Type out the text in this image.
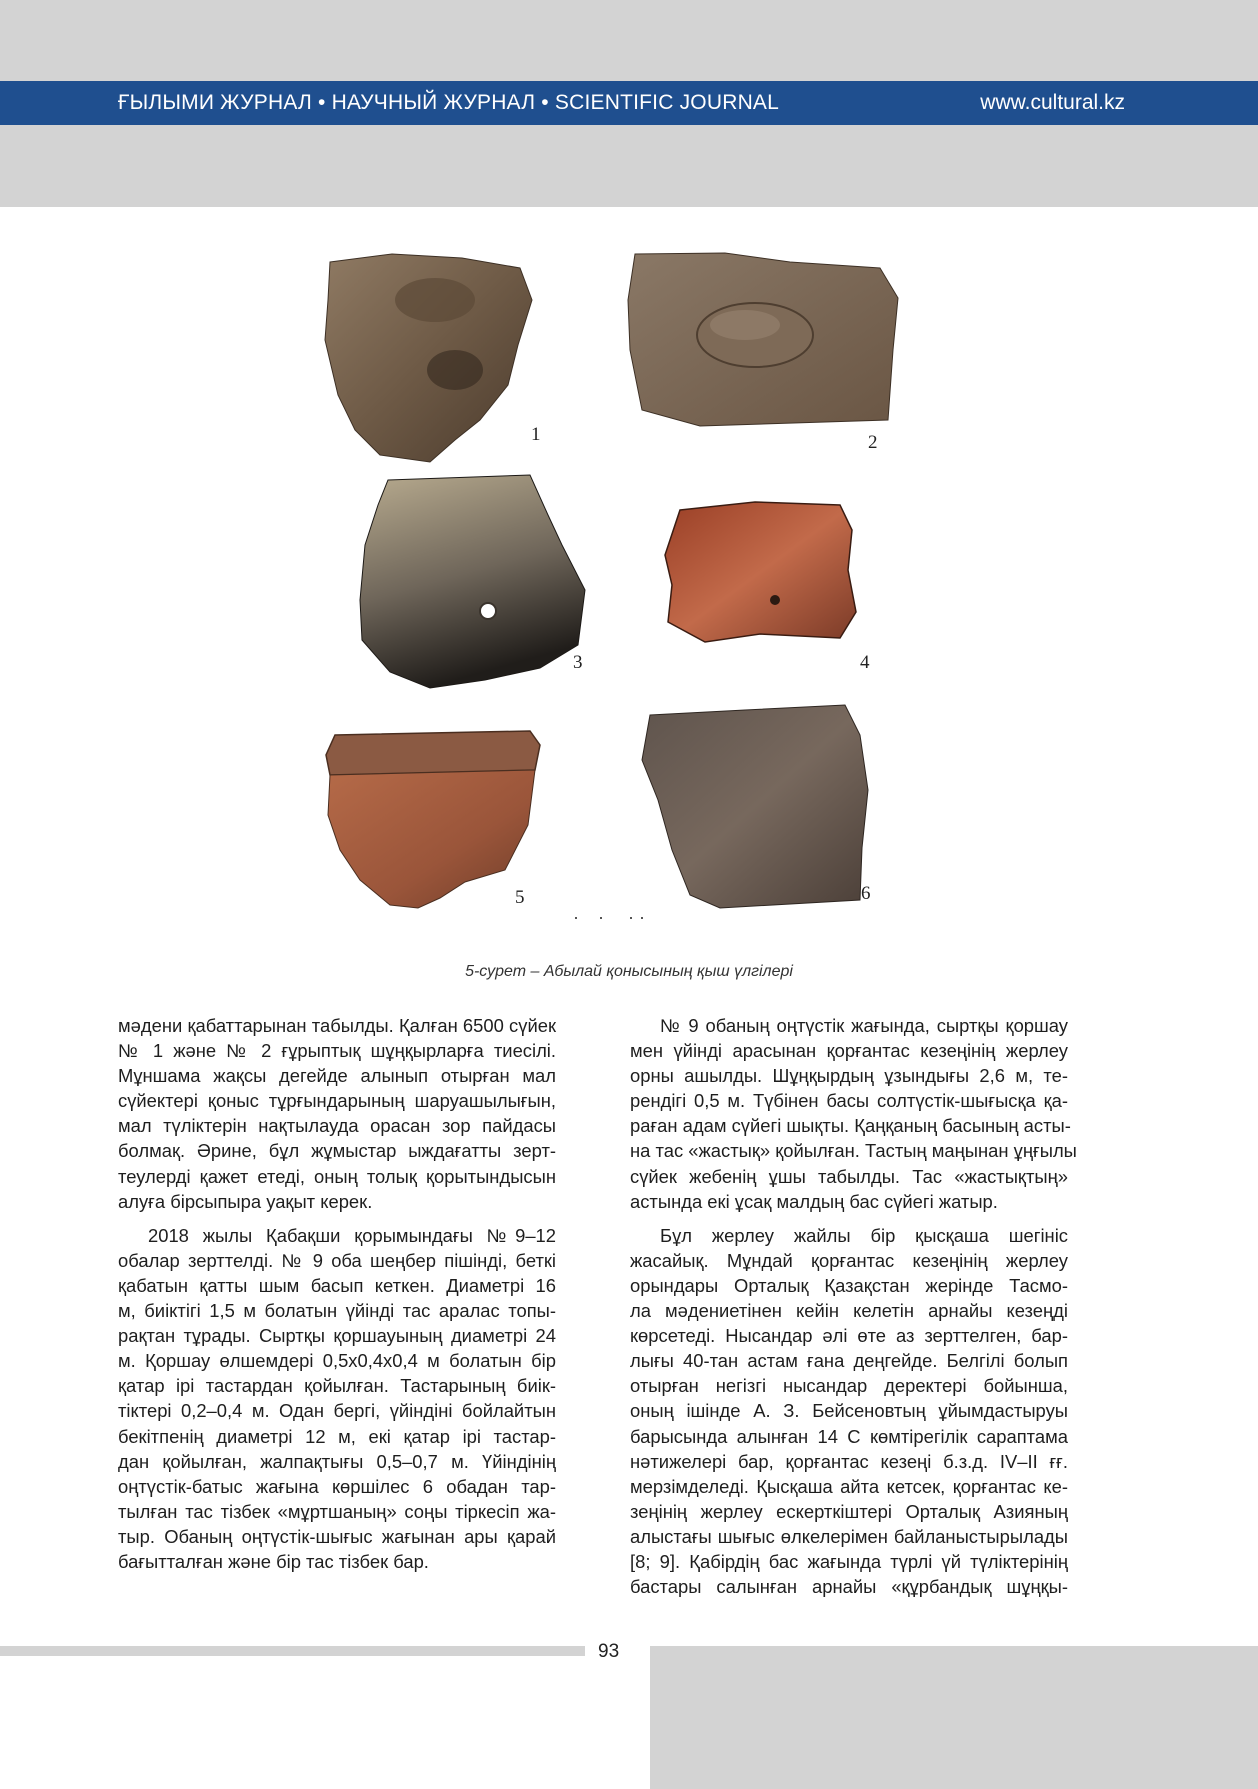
ҒЫЛЫМИ ЖУРНАЛ • НАУЧНЫЙ ЖУРНАЛ • SCIENTIFIC JOURNAL	www.cultural.kz
1	2
3	4
5	6
5-сурет – Абылай қонысының қыш үлгілері
мәдени қабаттарынан табылды. Қалған 6500 сүйек
№ 1 және № 2 ғұрыптық шұңқырларға тиесілі.
Мұншама жақсы дегейде алынып отырған мал
сүйектері қоныс тұрғындарының шаруашылығын,
мал түліктерін нақтылауда орасан зор пайдасы
болмақ. Әрине, бұл жұмыстар ыждағатты зерт-
теулерді қажет етеді, оның толық қорытындысын
алуға бірсыпыра уақыт керек.
2018 жылы Қабақши қорымындағы №9–12
обалар зерттелді. № 9 оба шеңбер пішінді, беткі
қабатын қатты шым басып кеткен. Диаметрі 16
м, биіктігі 1,5 м болатын үйінді тас аралас топы-
рақтан тұрады. Сыртқы қоршауының диаметрі 24
м. Қоршау өлшемдері 0,5х0,4х0,4 м болатын бір
қатар ірі тастардан қойылған. Тастарының биік-
тіктері 0,2–0,4 м. Одан бергі, үйіндіні бойлайтын
бекітпенің диаметрі 12 м, екі қатар ірі тастар-
дан қойылған, жалпақтығы 0,5–0,7 м. Үйіндінің
оңтүстік-батыс жағына көршілес 6 обадан тар-
тылған тас тізбек «мұртшаның» соңы тіркесіп жа-
тыр. Обаның оңтүстік-шығыс жағынан ары қарай
бағытталған және бір тас тізбек бар.
№ 9 обаның оңтүстік жағында, сыртқы қоршау
мен үйінді арасынан қорғантас кезеңінің жерлеу
орны ашылды. Шұңқырдың ұзындығы 2,6 м, те-
рендігі 0,5 м. Түбінен басы солтүстік-шығысқа қа-
раған адам сүйегі шықты. Қаңқаның басының асты-
на тас «жастық» қойылған. Тастың маңынан ұңғылы
сүйек жебенің ұшы табылды. Тас «жастықтың»
астында екі ұсақ малдың бас сүйегі жатыр.
Бұл жерлеу жайлы бір қысқаша шегініс
жасайық. Мұндай қорғантас кезеңінің жерлеу
орындары Орталық Қазақстан жерінде Тасмо-
ла мәдениетінен кейін келетін арнайы кезеңді
көрсетеді. Нысандар әлі өте аз зерттелген, бар-
лығы 40-тан астам ғана деңгейде. Белгілі болып
отырған негізгі нысандар деректері бойынша,
оның ішінде А. З. Бейсеновтың ұйымдастыруы
барысында алынған 14 С көмтірегілік сараптама
нәтижелері бар, қорғантас кезеңі б.з.д. IV–II ғғ.
мерзімделеді. Қысқаша айта кетсек, қорғантас ке-
зеңінің жерлеу ескерткіштері Орталық Азияның
алыстағы шығыс өлкелерімен байланыстырылады
[8; 9]. Қабірдің бас жағында түрлі үй түліктерінің
бастары салынған арнайы «құрбандық шұңқы-
93
